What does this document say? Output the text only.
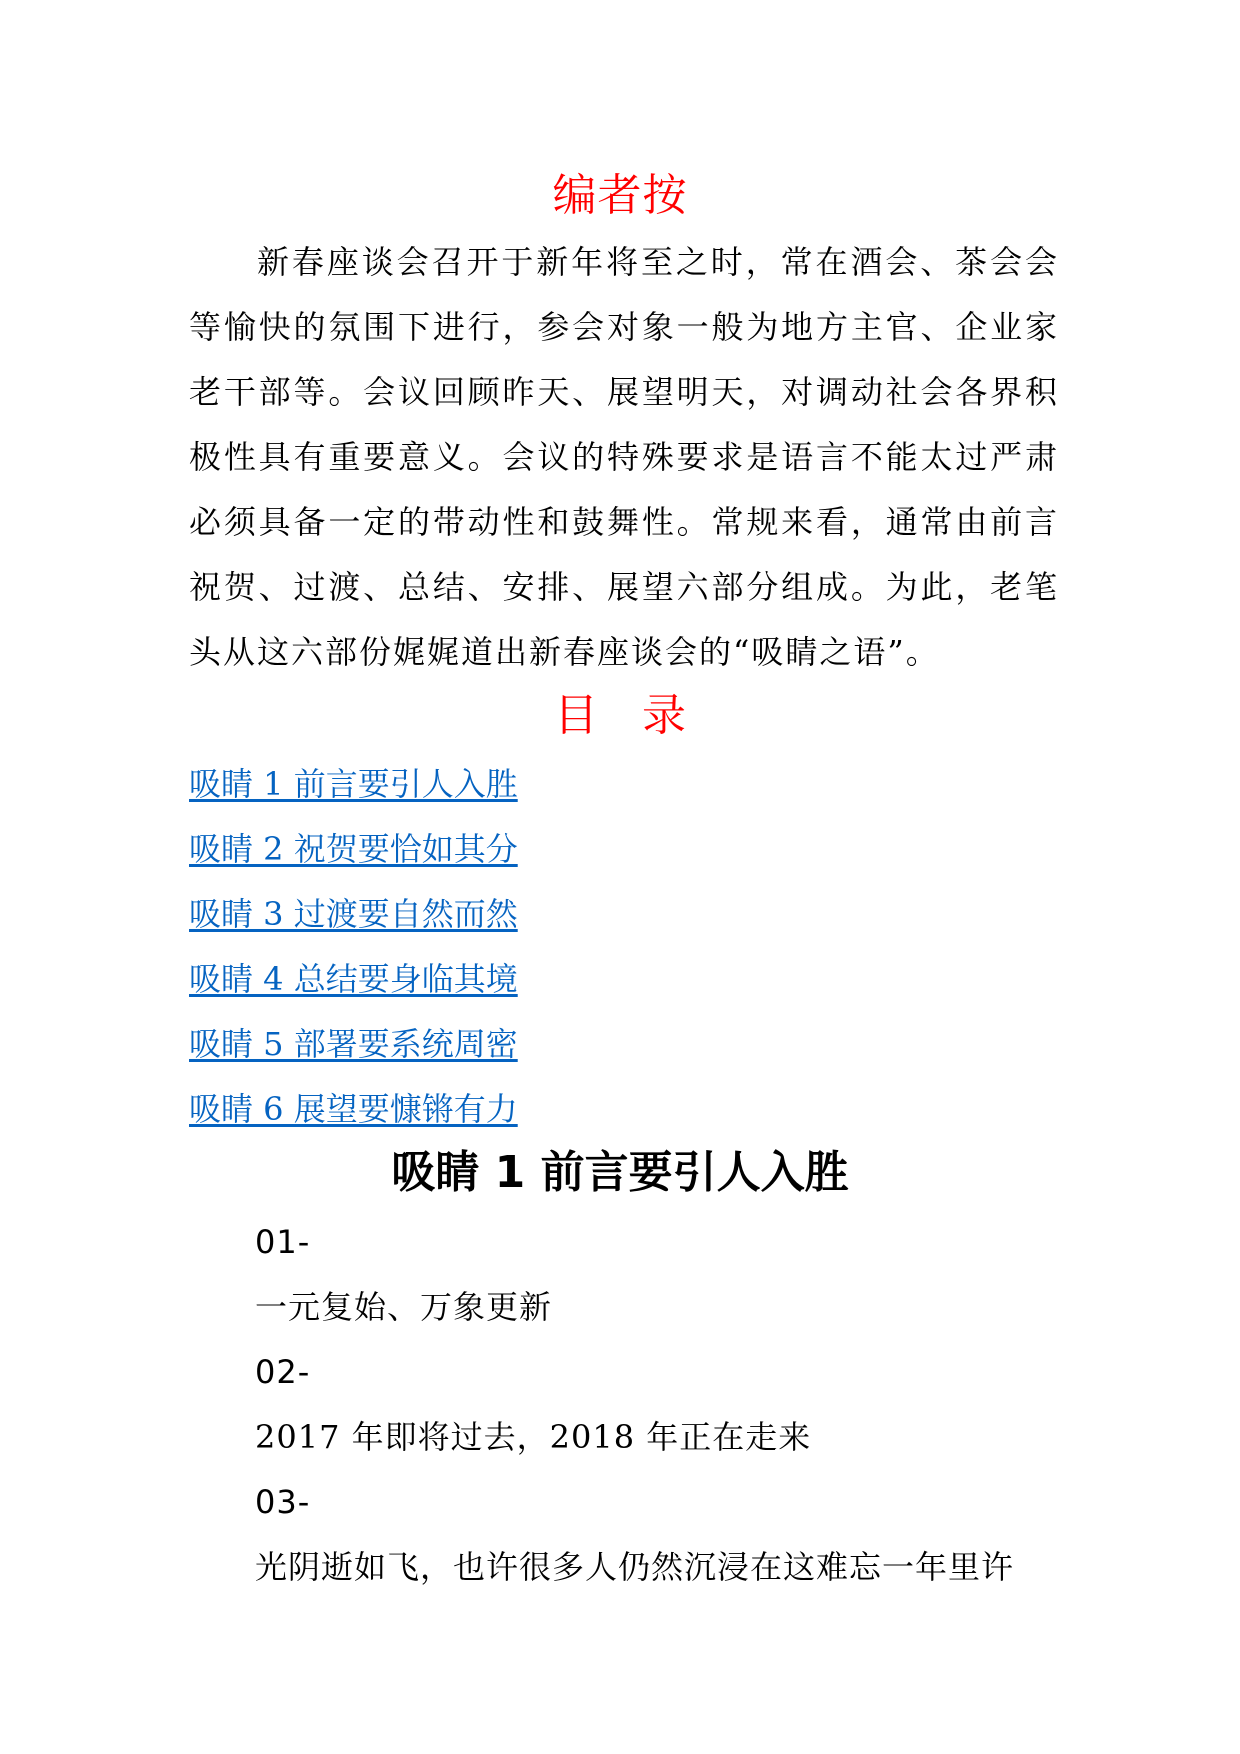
编者按

新春座谈会召开于新年将至之时，常在酒会、茶会会等愉快的氛围下进行，参会对象一般为地方主官、企业家老干部等。会议回顾昨天、展望明天，对调动社会各界积极性具有重要意义。会议的特殊要求是语言不能太过严肃必须具备一定的带动性和鼓舞性。常规来看，通常由前言祝贺、过渡、总结、安排、展望六部分组成。为此，老笔头从这六部份娓娓道出新春座谈会的“吸睛之语”。

目　录
吸睛 1 前言要引人入胜
吸睛 2 祝贺要恰如其分
吸睛 3 过渡要自然而然
吸睛 4 总结要身临其境
吸睛 5 部署要系统周密
吸睛 6 展望要慷锵有力
吸睛 1 前言要引人入胜
01-
一元复始、万象更新
02-
2017 年即将过去，2018 年正在走来
03-
光阴逝如飞，也许很多人仍然沉浸在这难忘一年里许
